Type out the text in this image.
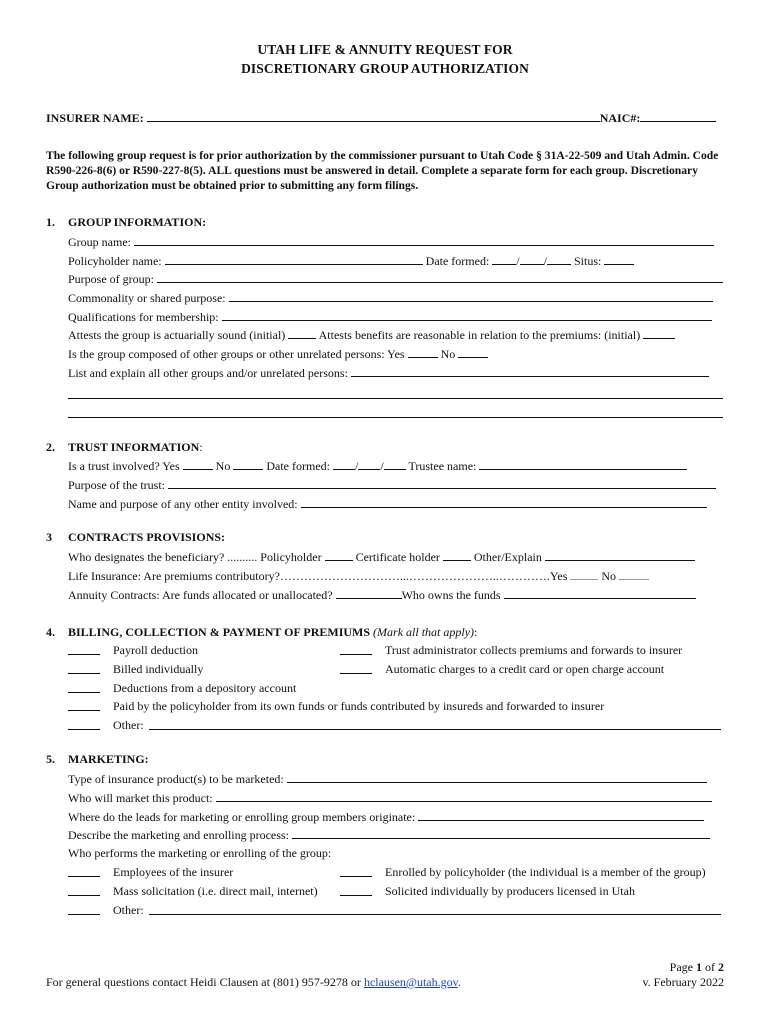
UTAH LIFE & ANNUITY REQUEST FOR
DISCRETIONARY GROUP AUTHORIZATION
INSURER NAME:	NAIC#:
The following group request is for prior authorization by the commissioner pursuant to Utah Code § 31A-22-509 and Utah Admin. Code R590-226-8(6) or R590-227-8(5). ALL questions must be answered in detail. Complete a separate form for each group. Discretionary Group authorization must be obtained prior to submitting any form filings.
1. GROUP INFORMATION:
Group name:
Policyholder name:	Date formed: / / Situs:
Purpose of group:
Commonality or shared purpose:
Qualifications for membership:
Attests the group is actuarially sound (initial)	Attests benefits are reasonable in relation to the premiums: (initial)
Is the group composed of other groups or other unrelated persons: Yes	No
List and explain all other groups and/or unrelated persons:
2. TRUST INFORMATION:
Is a trust involved? Yes	No	Date formed: / / Trustee name:
Purpose of the trust:
Name and purpose of any other entity involved:
3 CONTRACTS PROVISIONS:
Who designates the beneficiary? .......... Policyholder	Certificate holder	Other/Explain
Life Insurance: Are premiums contributory?…………………………...…………………..………….Yes	No
Annuity Contracts: Are funds allocated or unallocated?	Who owns the funds
4. BILLING, COLLECTION & PAYMENT OF PREMIUMS (Mark all that apply):
Payroll deduction	Trust administrator collects premiums and forwards to insurer
Billed individually	Automatic charges to a credit card or open charge account
Deductions from a depository account
Paid by the policyholder from its own funds or funds contributed by insureds and forwarded to insurer
Other:
5. MARKETING:
Type of insurance product(s) to be marketed:
Who will market this product:
Where do the leads for marketing or enrolling group members originate:
Describe the marketing and enrolling process:
Who performs the marketing or enrolling of the group:
Employees of the insurer	Enrolled by policyholder (the individual is a member of the group)
Mass solicitation (i.e. direct mail, internet)	Solicited individually by producers licensed in Utah
Other:
For general questions contact Heidi Clausen at (801) 957-9278 or hclausen@utah.gov.
Page 1 of 2
v. February 2022
